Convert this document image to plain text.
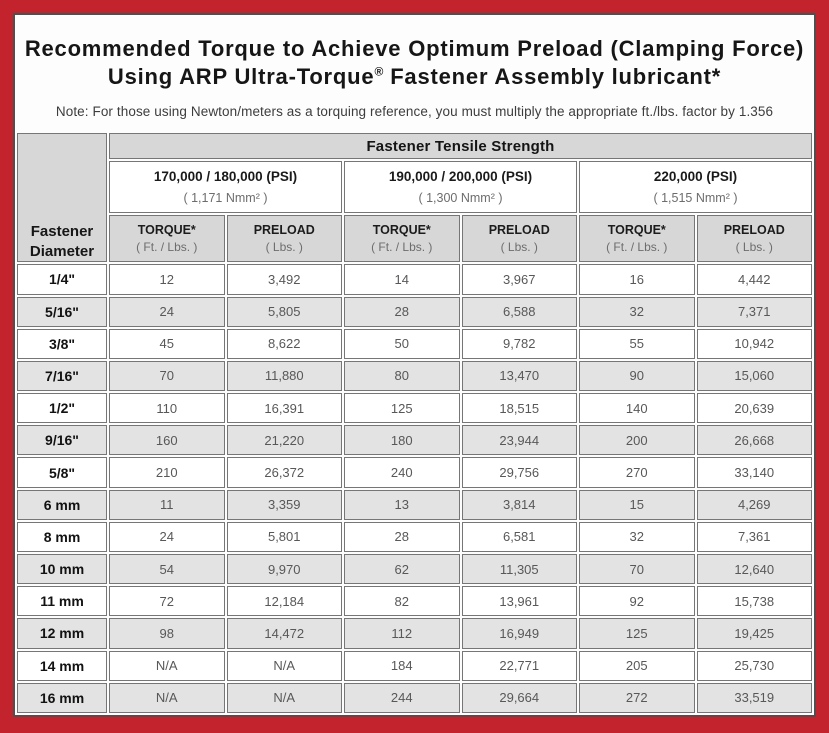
Recommended Torque to Achieve Optimum Preload (Clamping Force)
Using ARP Ultra-Torque® Fastener Assembly lubricant*
Note: For those using Newton/meters as a torquing reference, you must multiply the appropriate ft./lbs. factor by 1.356
Fastener Diameter	Fastener Tensile Strength					

170,000 / 180,000 (PSI)
( 1,171 Nmm² )

190,000 / 200,000 (PSI)
( 1,300 Nmm² )

220,000 (PSI)
( 1,515 Nmm² )

TORQUE*
( Ft. / Lbs. )

PRELOAD
( Lbs. )

TORQUE*
( Ft. / Lbs. )

PRELOAD
( Lbs. )

TORQUE*
( Ft. / Lbs. )

PRELOAD
( Lbs. )

1/4"	12	3,492	14	3,967	16	4,442
5/16"	24	5,805	28	6,588	32	7,371
3/8"	45	8,622	50	9,782	55	10,942
7/16"	70	11,880	80	13,470	90	15,060
1/2"	110	16,391	125	18,515	140	20,639
9/16"	160	21,220	180	23,944	200	26,668
5/8"	210	26,372	240	29,756	270	33,140
6 mm	11	3,359	13	3,814	15	4,269
8 mm	24	5,801	28	6,581	32	7,361
10 mm	54	9,970	62	11,305	70	12,640
11 mm	72	12,184	82	13,961	92	15,738
12 mm	98	14,472	112	16,949	125	19,425
14 mm	N/A	N/A	184	22,771	205	25,730
16 mm	N/A	N/A	244	29,664	272	33,519
